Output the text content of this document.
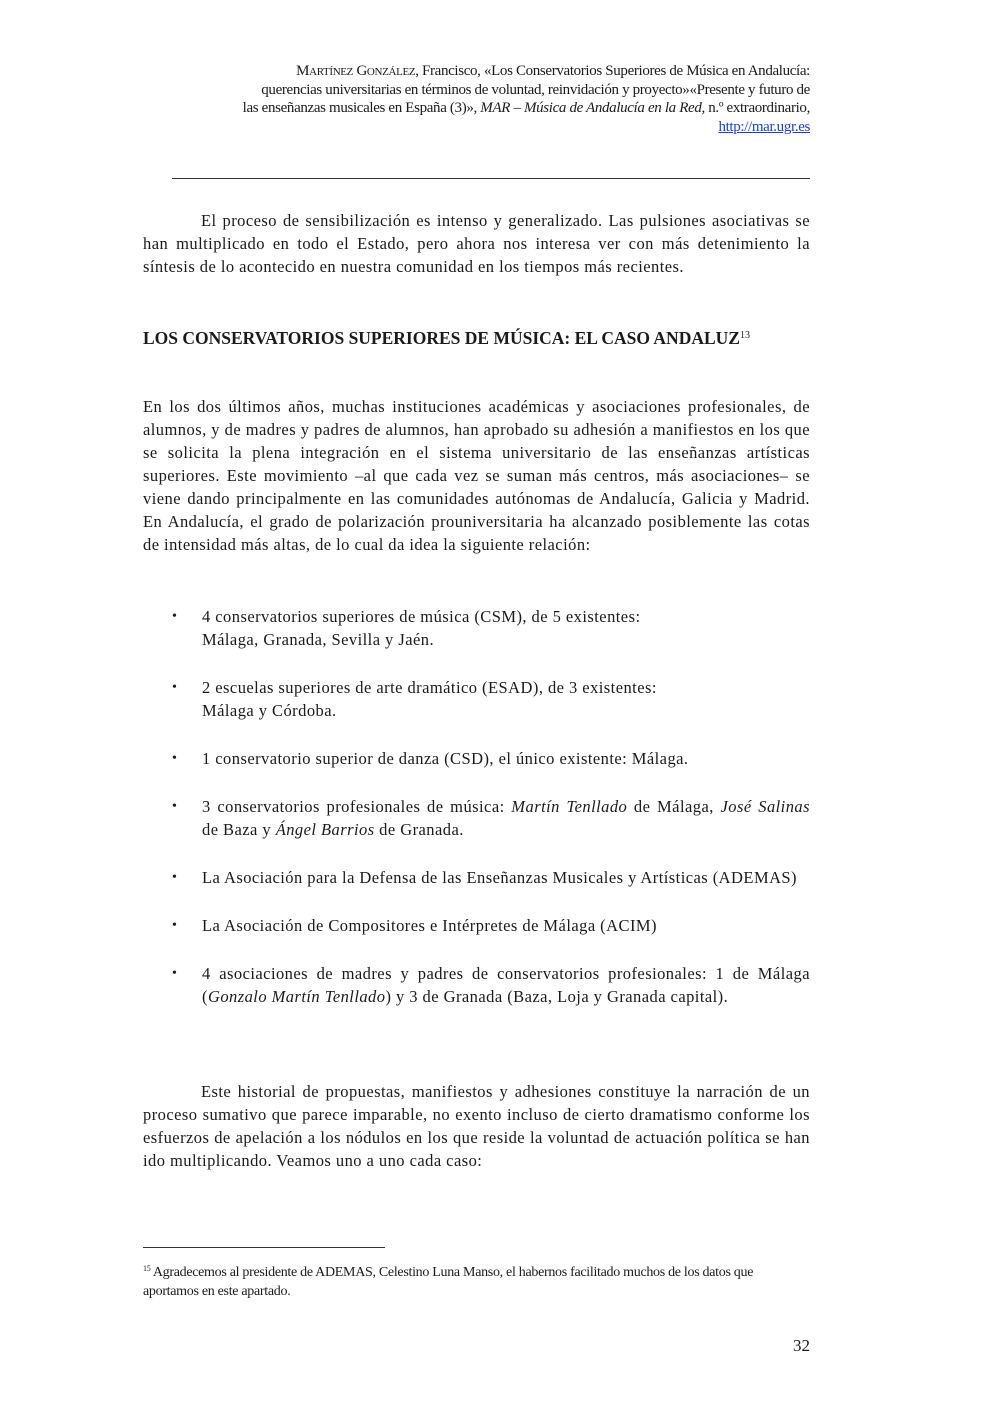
Martínez González, Francisco, «Los Conservatorios Superiores de Música en Andalucía:
querencias universitarias en términos de voluntad, reinvidación y proyecto»«Presente y futuro de
las enseñanzas musicales en España (3)», MAR – Música de Andalucía en la Red, n.º extraordinario,
http://mar.ugr.es

El proceso de sensibilización es intenso y generalizado. Las pulsiones asociativas se han multiplicado en todo el Estado, pero ahora nos interesa ver con más detenimiento la síntesis de lo acontecido en nuestra comunidad en los tiempos más recientes.

LOS CONSERVATORIOS SUPERIORES DE MÚSICA: EL CASO ANDALUZ$^{13}$

En los dos últimos años, muchas instituciones académicas y asociaciones profesionales, de alumnos, y de madres y padres de alumnos, han aprobado su adhesión a manifiestos en los que se solicita la plena integración en el sistema universitario de las enseñanzas artísticas superiores. Este movimiento –al que cada vez se suman más centros, más asociaciones– se viene dando principalmente en las comunidades autónomas de Andalucía, Galicia y Madrid. En Andalucía, el grado de polarización prouniversitaria ha alcanzado posiblemente las cotas de intensidad más altas, de lo cual da idea la siguiente relación:

• 4 conservatorios superiores de música (CSM), de 5 existentes:
Málaga, Granada, Sevilla y Jaén.
• 2 escuelas superiores de arte dramático (ESAD), de 3 existentes:
Málaga y Córdoba.
• 1 conservatorio superior de danza (CSD), el único existente: Málaga.
• 3 conservatorios profesionales de música: Martín Tenllado de Málaga, José Salinas de Baza y Ángel Barrios de Granada.
• La Asociación para la Defensa de las Enseñanzas Musicales y Artísticas (ADEMAS)
• La Asociación de Compositores e Intérpretes de Málaga (ACIM)
• 4 asociaciones de madres y padres de conservatorios profesionales: 1 de Málaga (Gonzalo Martín Tenllado) y 3 de Granada (Baza, Loja y Granada capital).

Este historial de propuestas, manifiestos y adhesiones constituye la narración de un proceso sumativo que parece imparable, no exento incluso de cierto dramatismo conforme los esfuerzos de apelación a los nódulos en los que reside la voluntad de actuación política se han ido multiplicando. Veamos uno a uno cada caso:

$^{15}$ Agradecemos al presidente de ADEMAS, Celestino Luna Manso, el habernos facilitado muchos de los datos que aportamos en este apartado.
32
